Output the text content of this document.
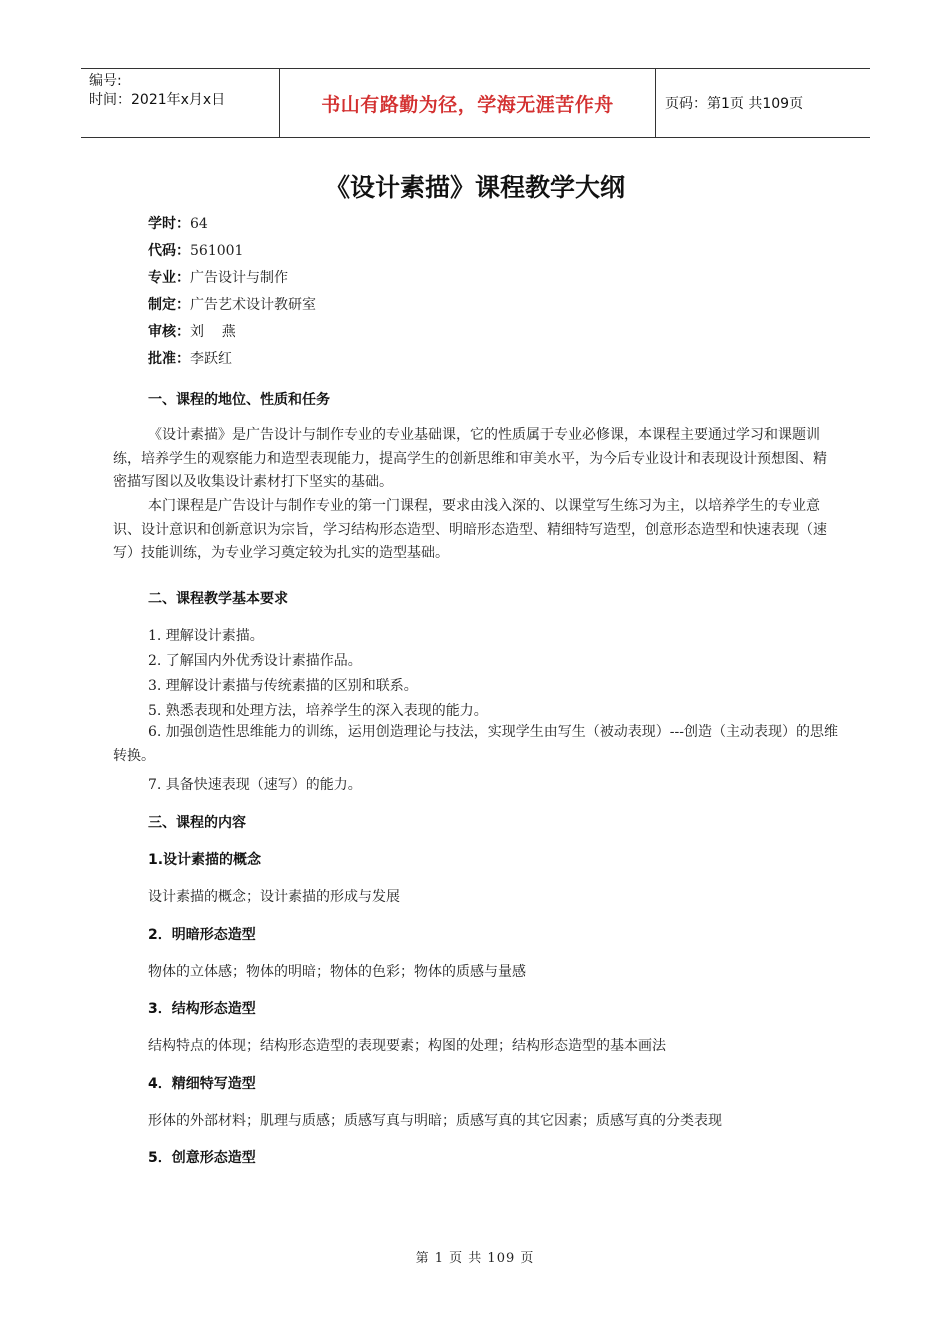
编号:
时间：2021年x月x日	书山有路勤为径，学海无涯苦作舟	页码：第1页 共109页
《设计素描》课程教学大纲
学时：64
代码：561001
专业：广告设计与制作
制定：广告艺术设计教研室
审核：刘    燕
批准：李跃红
一、课程的地位、性质和任务

《设计素描》是广告设计与制作专业的专业基础课，它的性质属于专业必修课，本课程主要通过学习和课题训练，培养学生的观察能力和造型表现能力，提高学生的创新思维和审美水平，为今后专业设计和表现设计预想图、精密描写图以及收集设计素材打下坚实的基础。

本门课程是广告设计与制作专业的第一门课程，要求由浅入深的、以课堂写生练习为主，以培养学生的专业意识、设计意识和创新意识为宗旨，学习结构形态造型、明暗形态造型、精细特写造型，创意形态造型和快速表现（速写）技能训练，为专业学习奠定较为扎实的造型基础。

二、课程教学基本要求
1. 理解设计素描。
2. 了解国内外优秀设计素描作品。
3. 理解设计素描与传统素描的区别和联系。
5. 熟悉表现和处理方法，培养学生的深入表现的能力。

6. 加强创造性思维能力的训练，运用创造理论与技法，实现学生由写生（被动表现）---创造（主动表现）的思维转换。

7. 具备快速表现（速写）的能力。
三、课程的内容
1.设计素描的概念
设计素描的概念；设计素描的形成与发展
2．明暗形态造型
物体的立体感；物体的明暗；物体的色彩；物体的质感与量感
3．结构形态造型
结构特点的体现；结构形态造型的表现要素；构图的处理；结构形态造型的基本画法
4．精细特写造型
形体的外部材料；肌理与质感；质感写真与明暗；质感写真的其它因素；质感写真的分类表现
5．创意形态造型
第 1 页 共 109 页
